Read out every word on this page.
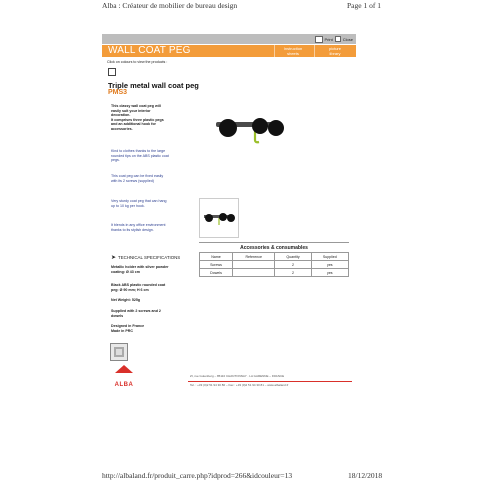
Alba : Créateur de mobilier de bureau design	Page 1 of 1
Print	Close
WALL COAT PEG	Instruction
sheets
picture
library
Click on colours to view the products :
Triple metal wall coat peg
PMS3
This classy wall coat peg will
easily suit your interior
decoration.
It comprises three plastic pegs
and an additional hook for
accessories.
Kind to clothes thanks to the large
rounded tips on the ABS plastic coat
pegs.
This coat peg can be fixed easily
with its 2 screws (supplied)
Very sturdy coat peg that can hang
up to 10 kg per hook.
It blends in any office environment
thanks to its stylish design.
➤ TECHNICAL SPECIFICATIONS
Metallic holder with silver powder
coating: Ø 43 cm
Black ABS plastic rounded coat
peg: Ø 90 mm; H 6 cm
Net Weight: 525g
Supplied with 2 screws and 2
dowels
Designed in France
Made in PRC
Accessories & consumables
Name	Reference	Quantity	Supplied
Screws		2	yes
Dowels		2	yes
ALBA
ZI, rue Gutenberg – 85110 CHANTONNAY · LA GARENNE – FRANCE
Tel. : +33 (0)2 51 94 30 80 – Fax : +33 (0)2 51 94 30 81 – www.albaland.fr
http://albaland.fr/produit_carre.php?idprod=266&idcouleur=13	18/12/2018
